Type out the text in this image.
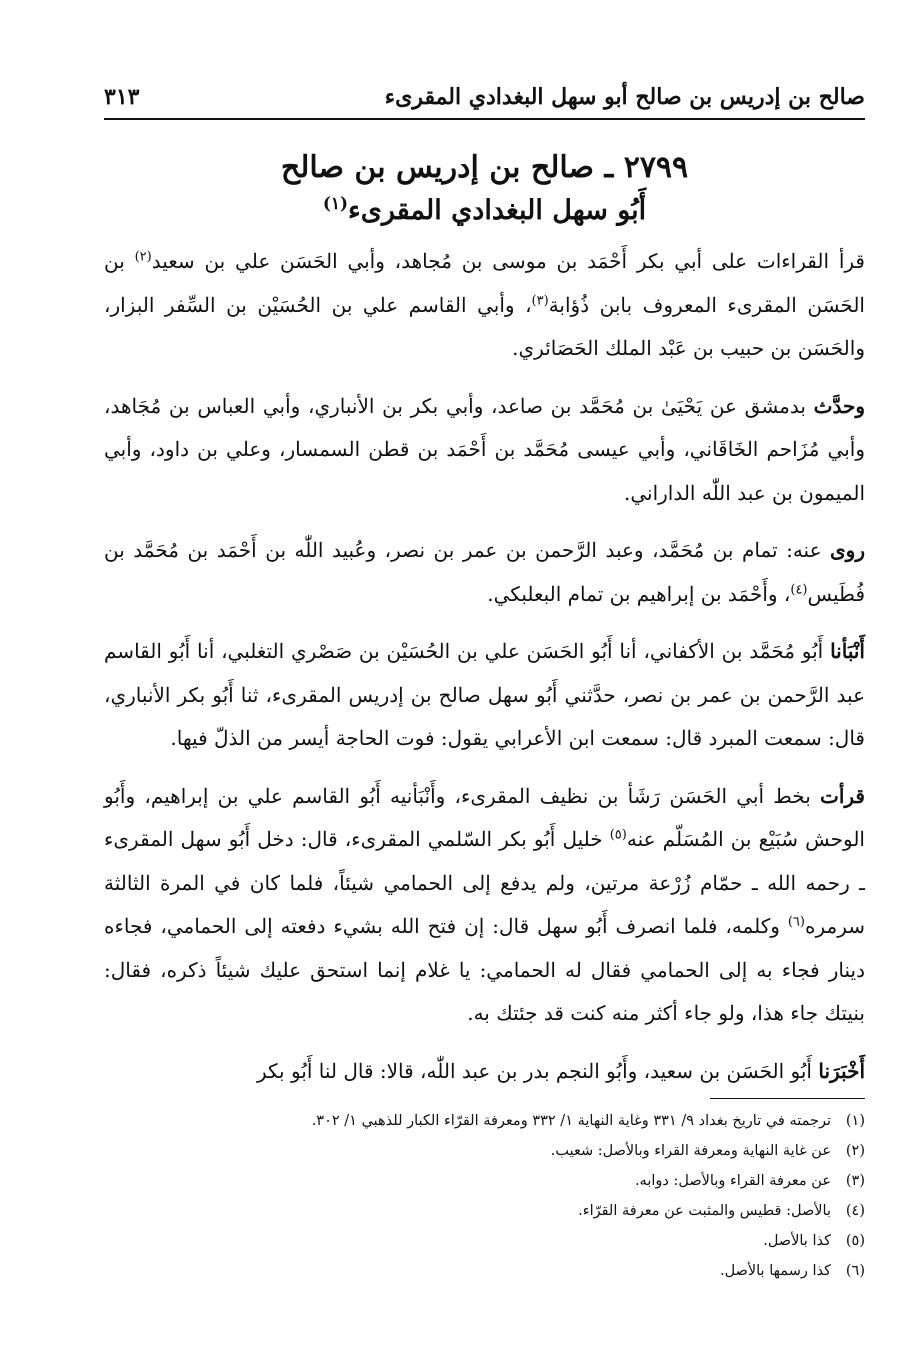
صالح بن إدريس بن صالح أبو سهل البغدادي المقرىء
٣١٣
٢٧٩٩ ـ صالح بن إدريس بن صالح
أَبُو سهل البغدادي المقرىء$^{(١)}$

قرأ القراءات على أبي بكر أَحْمَد بن موسى بن مُجاهد، وأبي الحَسَن علي بن سعيد$^{(٢)}$ بن الحَسَن المقرىء المعروف بابن ذُؤابة$^{(٣)}$، وأبي القاسم علي بن الحُسَيْن بن السِّفر البزار، والحَسَن بن حبيب بن عَبْد الملك الحَصَائري.

وحدَّث بدمشق عن يَحْيَىٰ بن مُحَمَّد بن صاعد، وأبي بكر بن الأنباري، وأبي العباس بن مُجَاهد، وأبي مُزَاحم الخَاقَاني، وأبي عيسى مُحَمَّد بن أَحْمَد بن قطن السمسار، وعلي بن داود، وأبي الميمون بن عبد اللّٰه الداراني.

روى عنه: تمام بن مُحَمَّد، وعبد الرَّحمن بن عمر بن نصر، وعُبيد اللّٰه بن أَحْمَد بن مُحَمَّد بن فُطَيس$^{(٤)}$، وأَحْمَد بن إبراهيم بن تمام البعلبكي.

أَنْبَأنا أَبُو مُحَمَّد بن الأكفاني، أنا أَبُو الحَسَن علي بن الحُسَيْن بن صَصْري التغلبي، أنا أَبُو القاسم عبد الرَّحمن بن عمر بن نصر، حدَّثني أَبُو سهل صالح بن إدريس المقرىء، ثنا أَبُو بكر الأنباري، قال: سمعت المبرد قال: سمعت ابن الأعرابي يقول: فوت الحاجة أيسر من الذلّ فيها.

قرأت بخط أبي الحَسَن رَشَأ بن نظيف المقرىء، وأَنْبَأنيه أَبُو القاسم علي بن إبراهيم، وأَبُو الوحش سُبَيْع بن المُسَلّم عنه$^{(٥)}$ خليل أَبُو بكر السّلمي المقرىء، قال: دخل أَبُو سهل المقرىء ـ رحمه الله ـ حمّام زُرْعة مرتين، ولم يدفع إلى الحمامي شيئاً، فلما كان في المرة الثالثة سرمره$^{(٦)}$ وكلمه، فلما انصرف أَبُو سهل قال: إن فتح الله بشيء دفعته إلى الحمامي، فجاءه دينار فجاء به إلى الحمامي فقال له الحمامي: يا غلام إنما استحق عليك شيئاً ذكره، فقال: بنيتك جاء هذا، ولو جاء أكثر منه كنت قد جئتك به.

أَخْبَرَنا أَبُو الحَسَن بن سعيد، وأَبُو النجم بدر بن عبد اللّٰه، قالا: قال لنا أَبُو بكر

(١)ترجمته في تاريخ بغداد ٩/ ٣٣١ وغاية النهاية ١/ ٣٣٢ ومعرفة القرّاء الكبار للذهبي ١/ ٣٠٢.
(٢)عن غاية النهاية ومعرفة القراء وبالأصل: شعيب.
(٣)عن معرفة القراء وبالأصل: دوابه.
(٤)بالأصل: قطيس والمثبت عن معرفة القرّاء.
(٥)كذا بالأصل.
(٦)كذا رسمها بالأصل.
